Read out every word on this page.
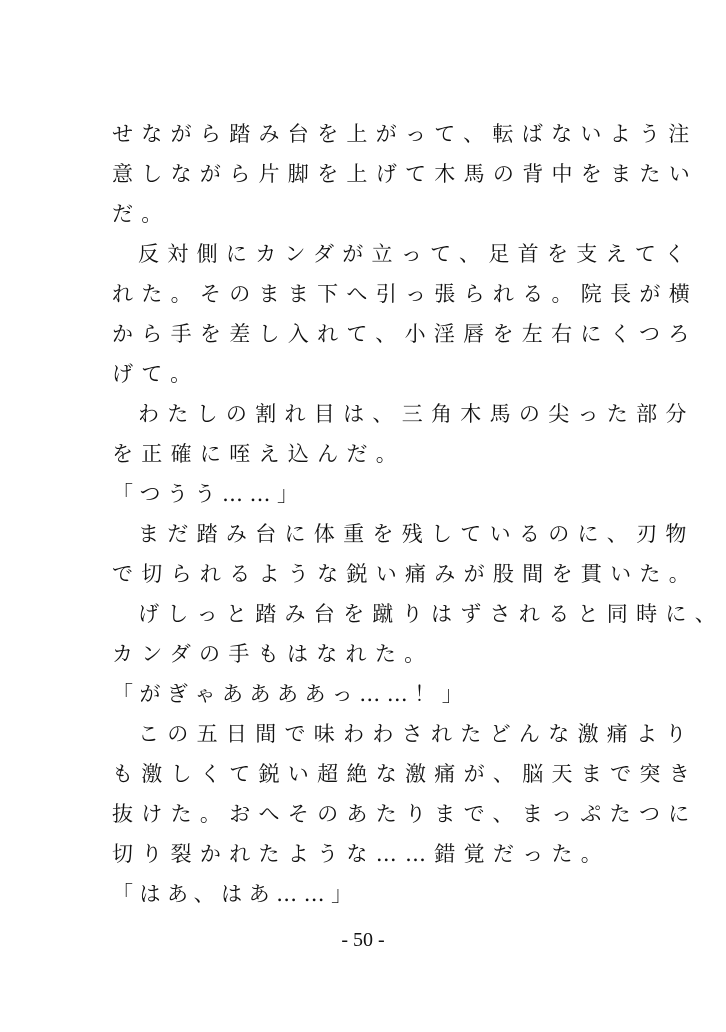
せながら踏み台を上がって、転ばないよう注
意しながら片脚を上げて木馬の背中をまたい
だ。
反対側にカンダが立って、足首を支えてく
れた。そのまま下へ引っ張られる。院長が横
から手を差し入れて、小淫唇を左右にくつろ
げて。
わたしの割れ目は、三角木馬の尖った部分
を正確に咥え込んだ。
「つうう……」
まだ踏み台に体重を残しているのに、刃物
で切られるような鋭い痛みが股間を貫いた。
げしっと踏み台を蹴りはずされると同時に、
カンダの手もはなれた。
「がぎゃああああっ……！」
この五日間で味わわされたどんな激痛より
も激しくて鋭い超絶な激痛が、脳天まで突き
抜けた。おへそのあたりまで、まっぷたつに
切り裂かれたような……錯覚だった。
「はあ、はあ……」
- 50 -
